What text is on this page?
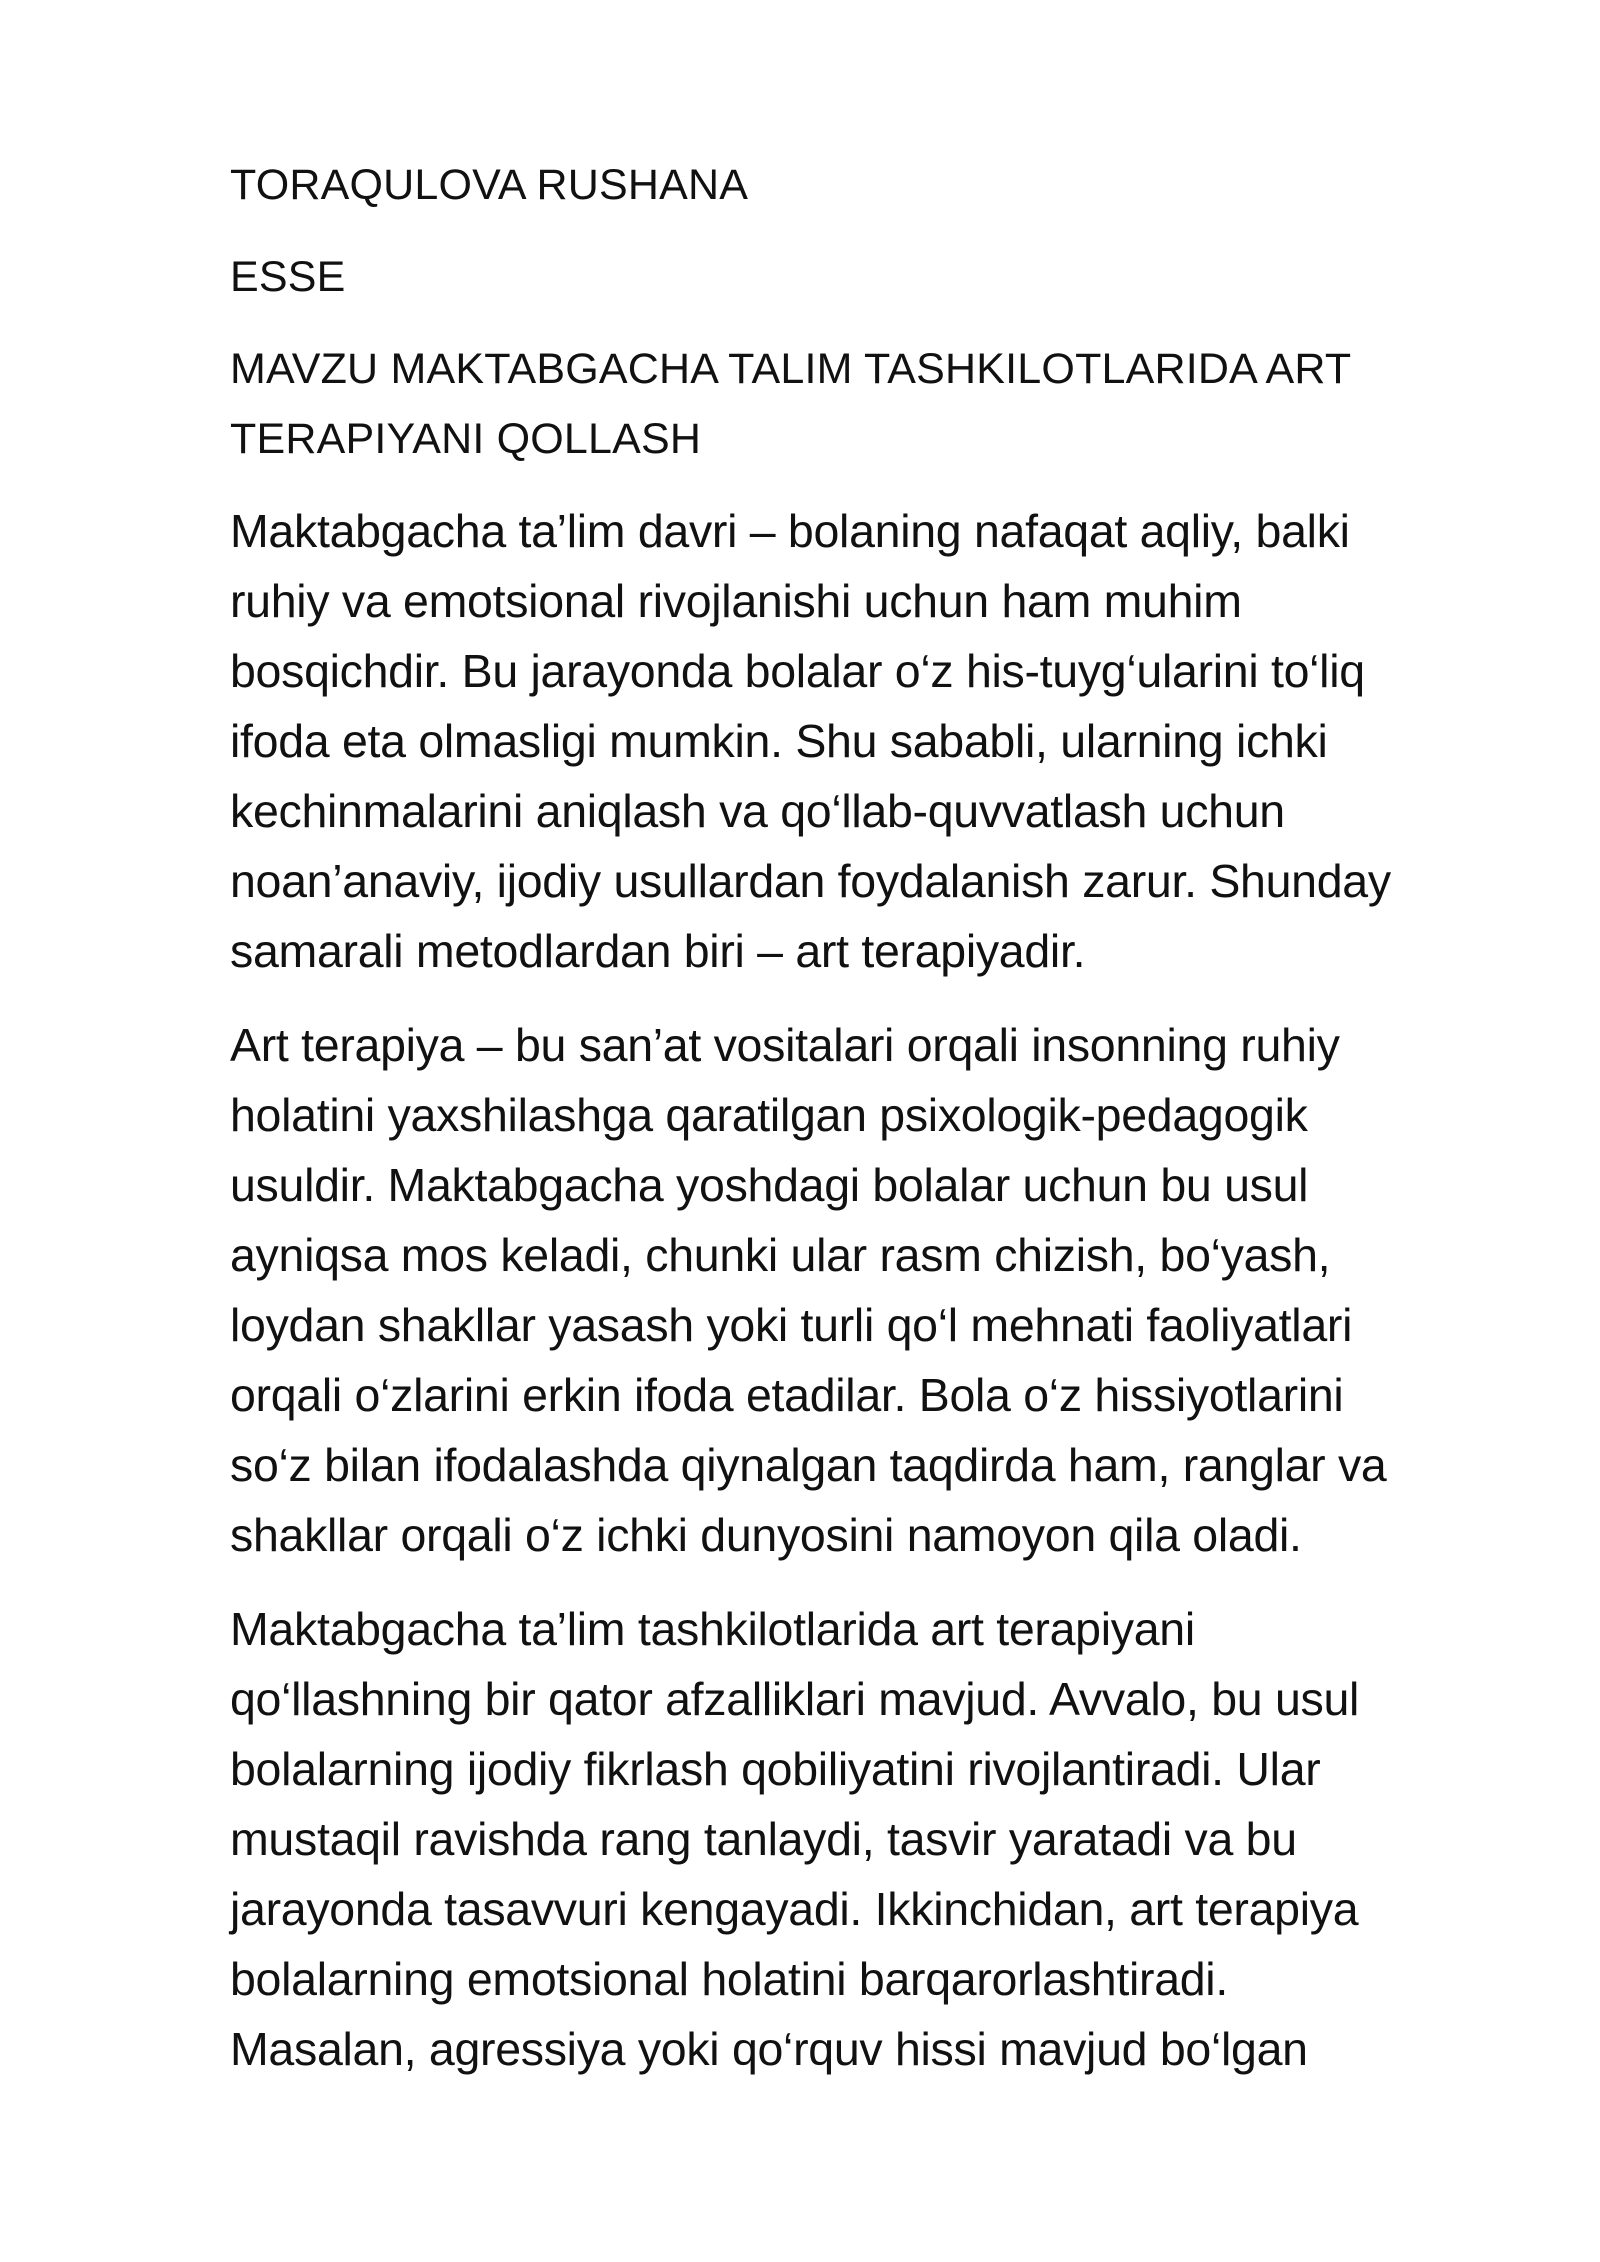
TORAQULOVA RUSHANA

ESSE

MAVZU MAKTABGACHA TALIM TASHKILOTLARIDA ART
TERAPIYANI QOLLASH

Maktabgacha ta’lim davri – bolaning nafaqat aqliy, balki
ruhiy va emotsional rivojlanishi uchun ham muhim
bosqichdir. Bu jarayonda bolalar o‘z his-tuyg‘ularini to‘liq
ifoda eta olmasligi mumkin. Shu sababli, ularning ichki
kechinmalarini aniqlash va qo‘llab-quvvatlash uchun
noan’anaviy, ijodiy usullardan foydalanish zarur. Shunday
samarali metodlardan biri – art terapiyadir.

Art terapiya – bu san’at vositalari orqali insonning ruhiy
holatini yaxshilashga qaratilgan psixologik-pedagogik
usuldir. Maktabgacha yoshdagi bolalar uchun bu usul
ayniqsa mos keladi, chunki ular rasm chizish, bo‘yash,
loydan shakllar yasash yoki turli qo‘l mehnati faoliyatlari
orqali o‘zlarini erkin ifoda etadilar. Bola o‘z hissiyotlarini
so‘z bilan ifodalashda qiynalgan taqdirda ham, ranglar va
shakllar orqali o‘z ichki dunyosini namoyon qila oladi.

Maktabgacha ta’lim tashkilotlarida art terapiyani
qo‘llashning bir qator afzalliklari mavjud. Avvalo, bu usul
bolalarning ijodiy fikrlash qobiliyatini rivojlantiradi. Ular
mustaqil ravishda rang tanlaydi, tasvir yaratadi va bu
jarayonda tasavvuri kengayadi. Ikkinchidan, art terapiya
bolalarning emotsional holatini barqarorlashtiradi.
Masalan, agressiya yoki qo‘rquv hissi mavjud bo‘lgan
